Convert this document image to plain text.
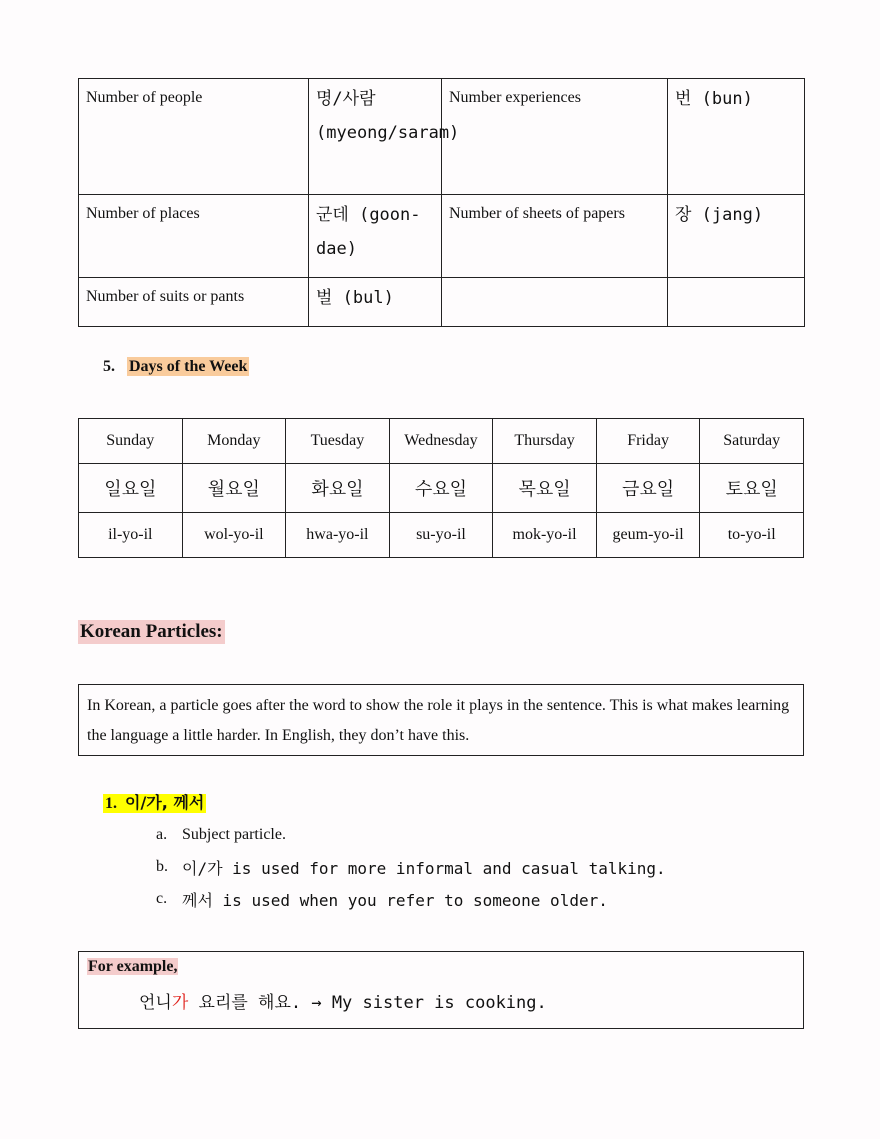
Number of people	명/사람 (myeong/saram)	Number experiences	번 (bun)
Number of places	군데 (goon-dae)	Number of sheets of papers	장 (jang)
Number of suits or pants	벌 (bul)		
5. Days of the Week
Sunday	Monday	Tuesday	Wednesday	Thursday	Friday	Saturday
일요일	월요일	화요일	수요일	목요일	금요일	토요일
il-yo-il	wol-yo-il	hwa-yo-il	su-yo-il	mok-yo-il	geum-yo-il	to-yo-il
Korean Particles:
In Korean, a particle goes after the word to show the role it plays in the sentence. This is what makes learning the language a little harder. In English, they don’t have this.
1. 이/가, 께서
a. Subject particle.
b. 이/가 is used for more informal and casual talking.
c. 께서 is used when you refer to someone older.
For example,
언니가 요리를 해요. → My sister is cooking.
